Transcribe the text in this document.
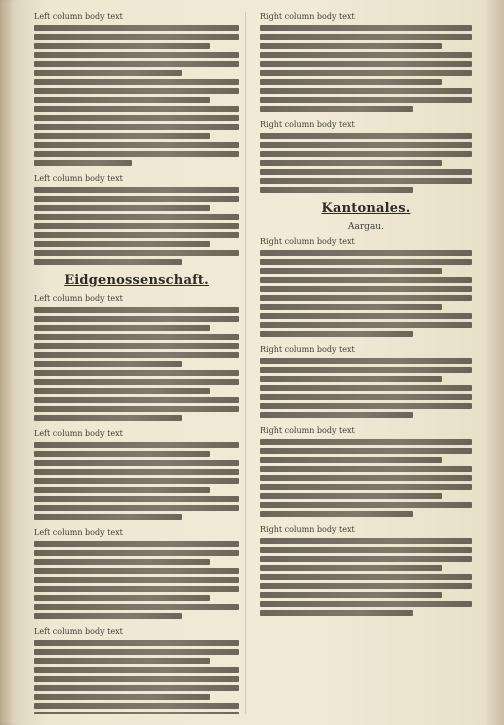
Left column body text
Left column body text
Eidgenossenschaft.
Left column body text
Left column body text
Left column body text
Left column body text
Right column body text
Right column body text
Kantonales.
Aargau.
Right column body text
Right column body text
Right column body text
Right column body text
